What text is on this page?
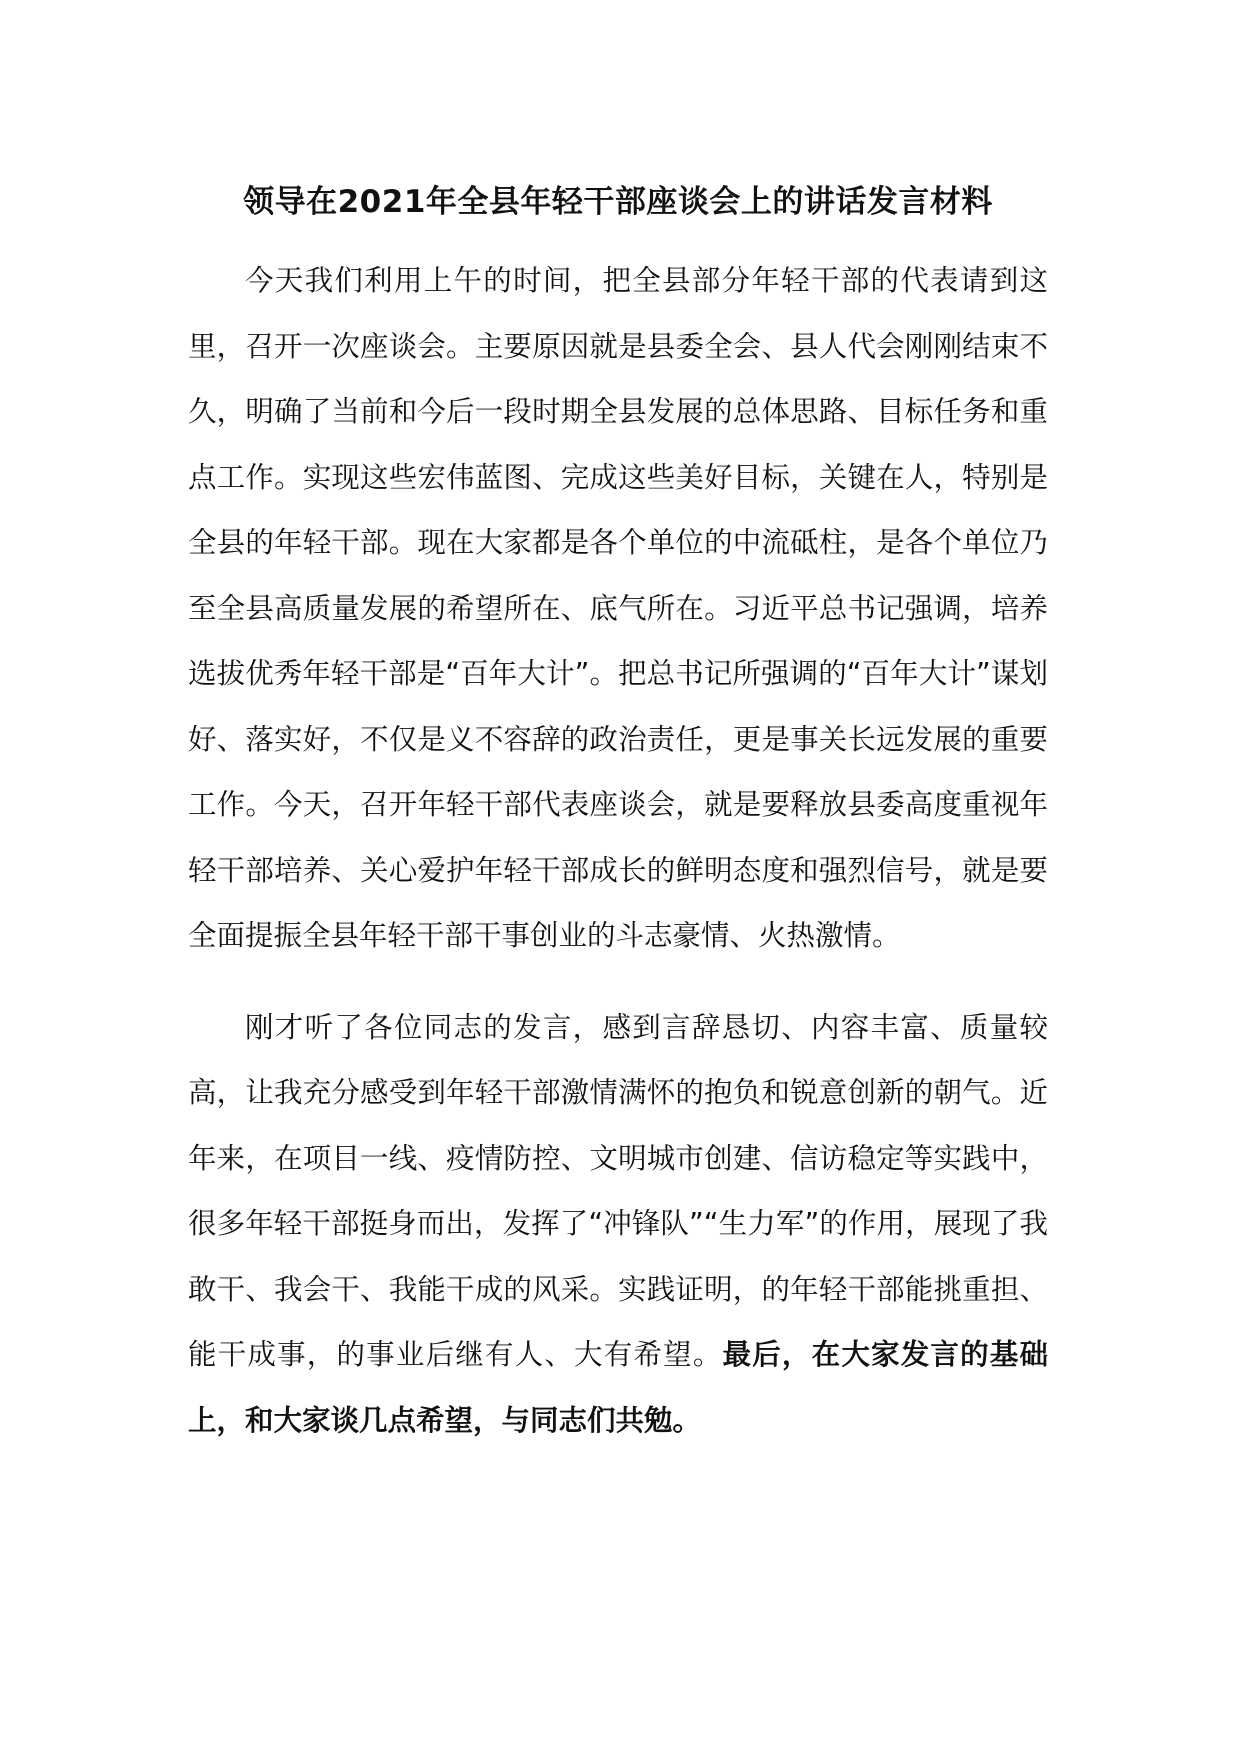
领导在2021年全县年轻干部座谈会上的讲话发言材料

今天我们利用上午的时间，把全县部分年轻干部的代表请到这里，召开一次座谈会。主要原因就是县委全会、县人代会刚刚结束不久，明确了当前和今后一段时期全县发展的总体思路、目标任务和重点工作。实现这些宏伟蓝图、完成这些美好目标，关键在人，特别是全县的年轻干部。现在大家都是各个单位的中流砥柱，是各个单位乃至全县高质量发展的希望所在、底气所在。习近平总书记强调，培养选拔优秀年轻干部是“百年大计”。把总书记所强调的“百年大计”谋划好、落实好，不仅是义不容辞的政治责任，更是事关长远发展的重要工作。今天，召开年轻干部代表座谈会，就是要释放县委高度重视年轻干部培养、关心爱护年轻干部成长的鲜明态度和强烈信号，就是要全面提振全县年轻干部干事创业的斗志豪情、火热激情。

刚才听了各位同志的发言，感到言辞恳切、内容丰富、质量较高，让我充分感受到年轻干部激情满怀的抱负和锐意创新的朝气。近年来，在项目一线、疫情防控、文明城市创建、信访稳定等实践中，很多年轻干部挺身而出，发挥了“冲锋队”“生力军”的作用，展现了我敢干、我会干、我能干成的风采。实践证明，的年轻干部能挑重担、能干成事，的事业后继有人、大有希望。最后，在大家发言的基础上，和大家谈几点希望，与同志们共勉。
